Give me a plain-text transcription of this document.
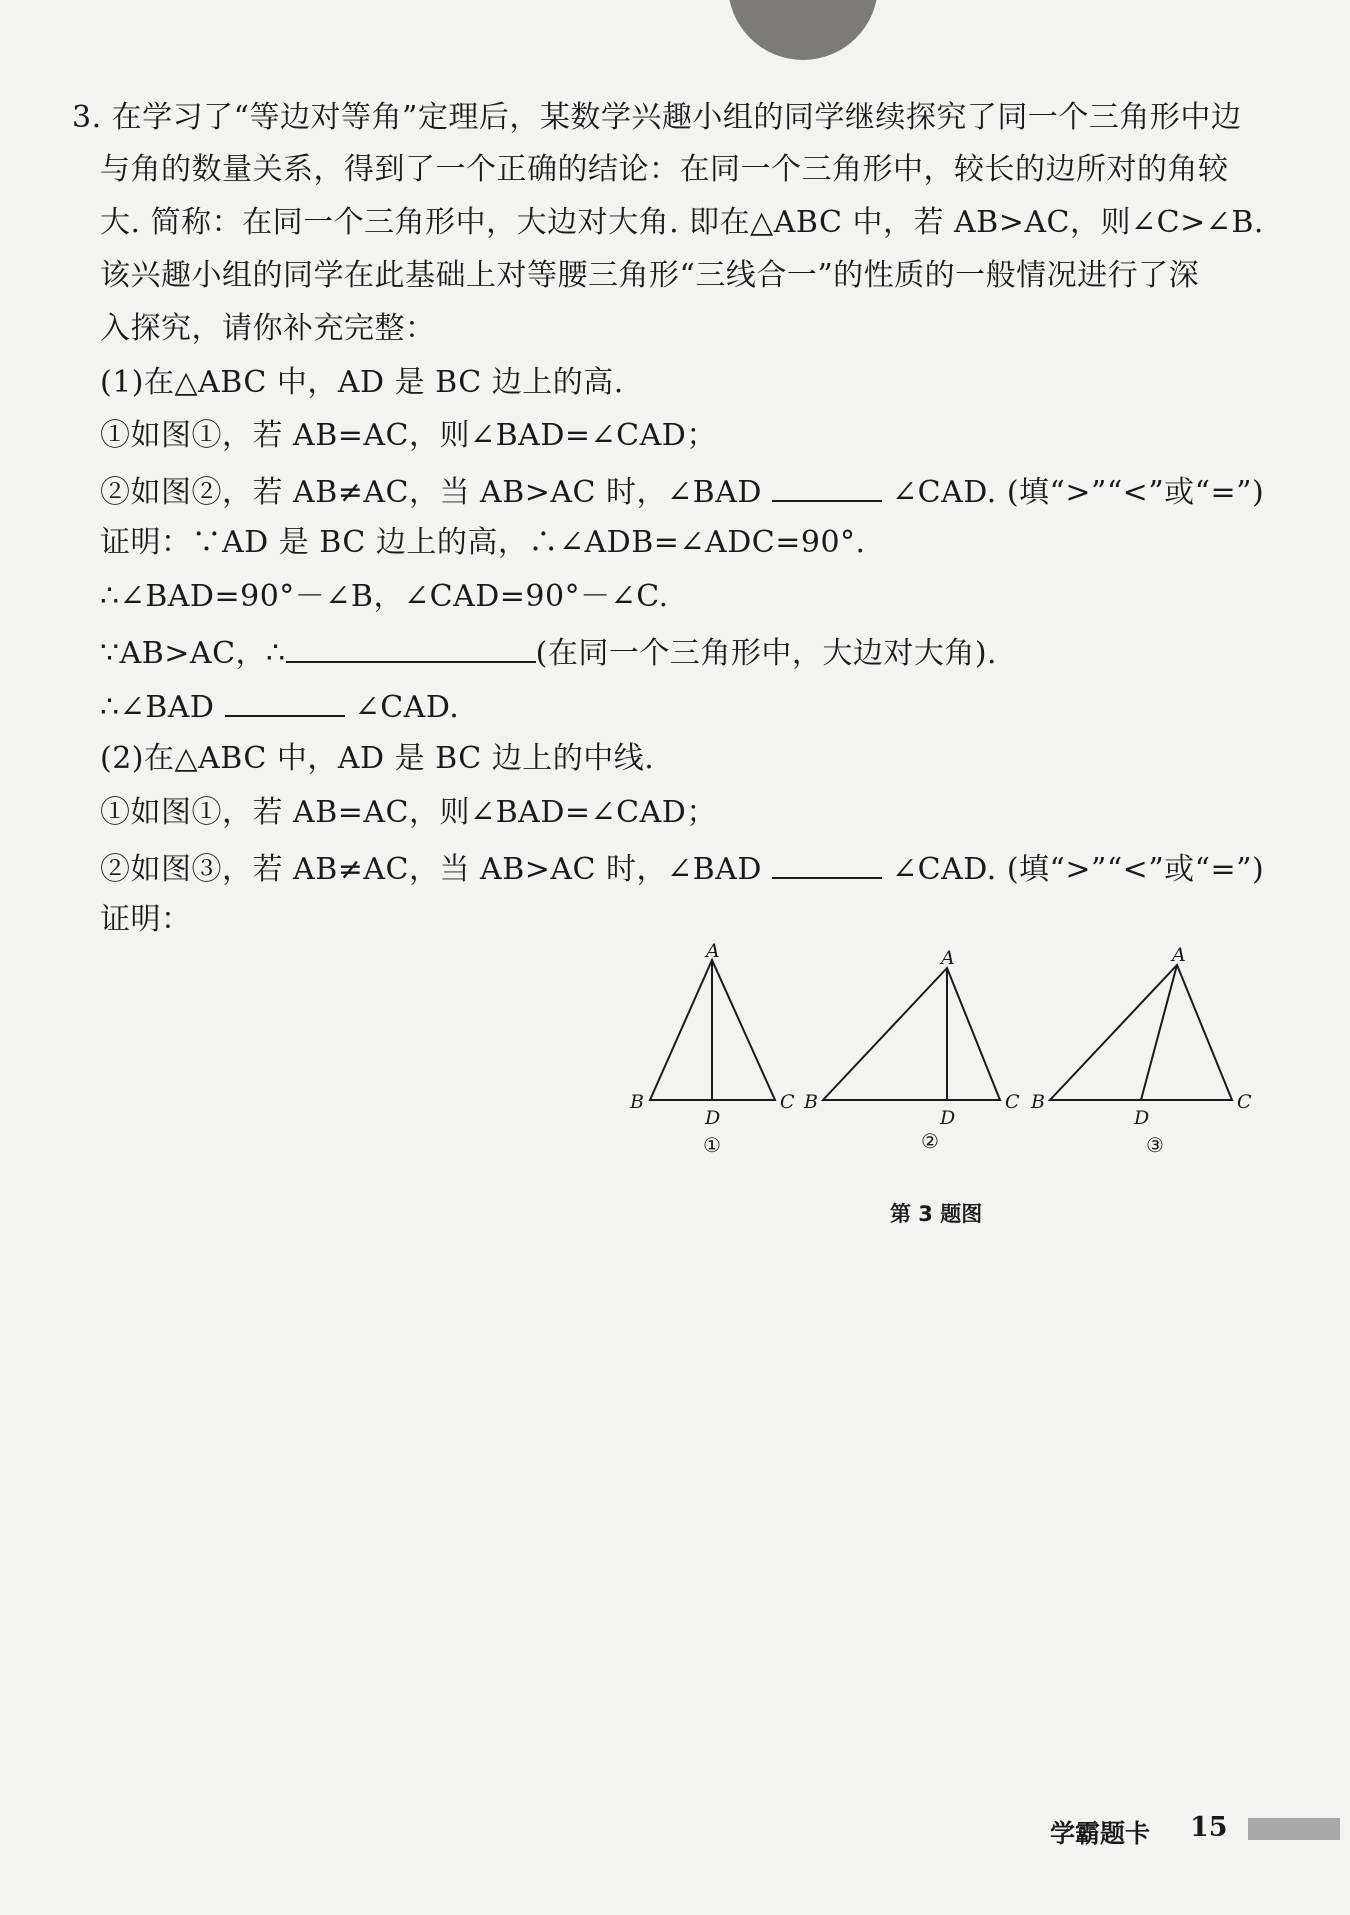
3. 在学习了“等边对等角”定理后，某数学兴趣小组的同学继续探究了同一个三角形中边
与角的数量关系，得到了一个正确的结论：在同一个三角形中，较长的边所对的角较
大. 简称：在同一个三角形中，大边对大角. 即在△ABC 中，若 AB>AC，则∠C>∠B.
该兴趣小组的同学在此基础上对等腰三角形“三线合一”的性质的一般情况进行了深
入探究，请你补充完整：
(1)在△ABC 中，AD 是 BC 边上的高.
①如图①，若 AB=AC，则∠BAD=∠CAD；
②如图②，若 AB≠AC，当 AB>AC 时，∠BAD	∠CAD. (填“>”“<”或“=”)
证明：∵AD 是 BC 边上的高，∴∠ADB=∠ADC=90°.
∴∠BAD=90°－∠B，∠CAD=90°－∠C.
∵AB>AC，∴	(在同一个三角形中，大边对大角).
∴∠BAD	∠CAD.
(2)在△ABC 中，AD 是 BC 边上的中线.
①如图①，若 AB=AC，则∠BAD=∠CAD；
②如图③，若 AB≠AC，当 AB>AC 时，∠BAD	∠CAD. (填“>”“<”或“=”)
证明：
A
B	C
D
A
B	C
D
A
B	C
D
①	②	③
第 3 题图
学霸题卡 15
